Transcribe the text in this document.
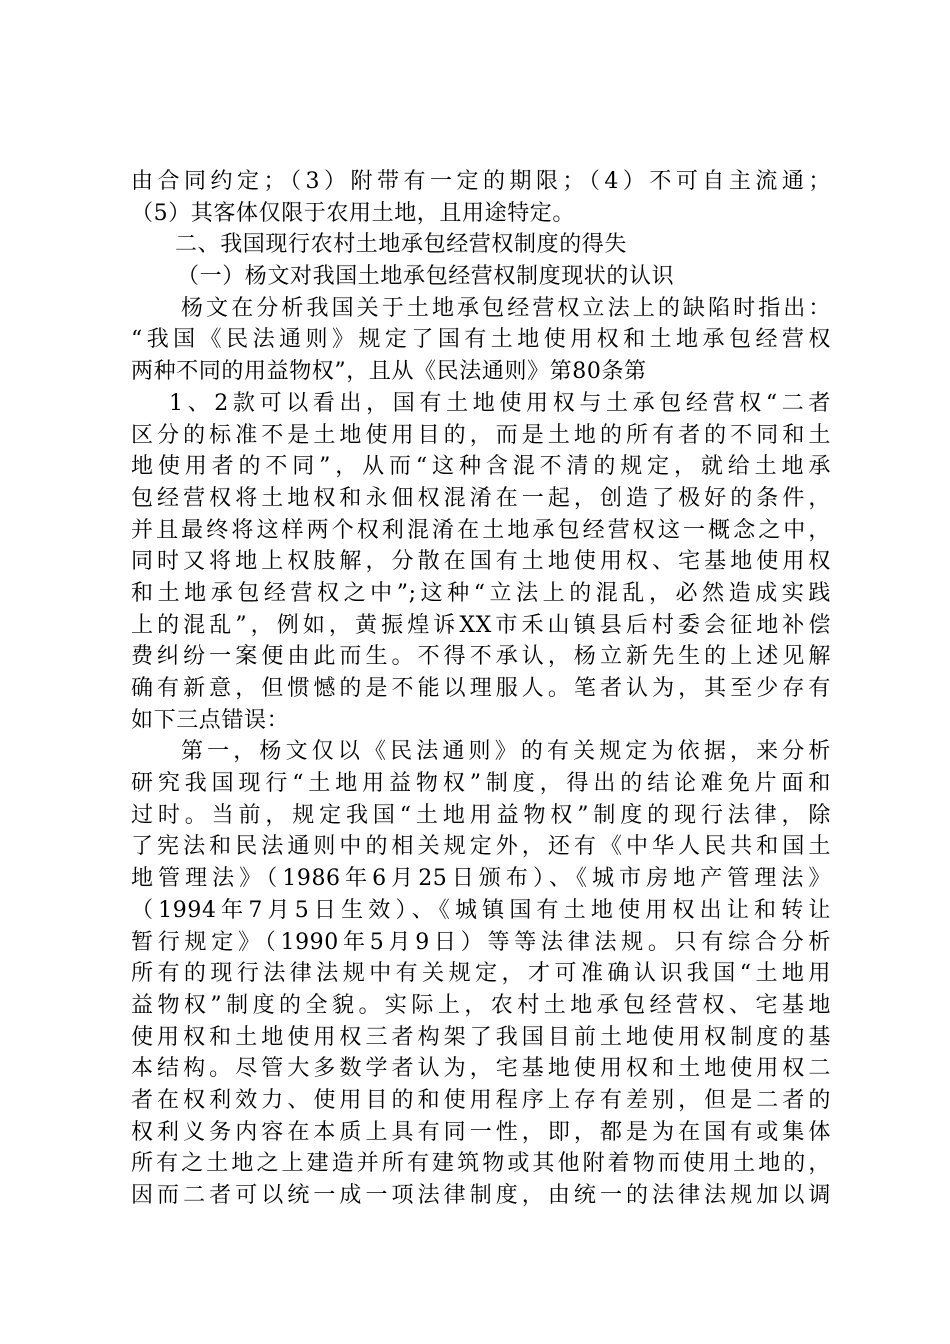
由合同约定；（3）附带有一定的期限；（4）不可自主流通；
（5）其客体仅限于农用土地，且用途特定。
二、我国现行农村土地承包经营权制度的得失
（一）杨文对我国土地承包经营权制度现状的认识
杨文在分析我国关于土地承包经营权立法上的缺陷时指出：
“我国《民法通则》规定了国有土地使用权和土地承包经营权
两种不同的用益物权”，且从《民法通则》第80条第
1、2款可以看出，国有土地使用权与土承包经营权“二者
区分的标准不是土地使用目的，而是土地的所有者的不同和土
地使用者的不同”，从而“这种含混不清的规定，就给土地承
包经营权将土地权和永佃权混淆在一起，创造了极好的条件，
并且最终将这样两个权利混淆在土地承包经营权这一概念之中，
同时又将地上权肢解，分散在国有土地使用权、宅基地使用权
和土地承包经营权之中”;这种“立法上的混乱，必然造成实践
上的混乱”，例如，黄振煌诉XX市禾山镇县后村委会征地补偿
费纠纷一案便由此而生。不得不承认，杨立新先生的上述见解
确有新意，但惯憾的是不能以理服人。笔者认为，其至少存有
如下三点错误：
第一，杨文仅以《民法通则》的有关规定为依据，来分析
研究我国现行“土地用益物权”制度，得出的结论难免片面和
过时。当前，规定我国“土地用益物权”制度的现行法律，除
了宪法和民法通则中的相关规定外，还有《中华人民共和国土
地管理法》（1986年6月25日颁布）、《城市房地产管理法》
（1994年7月5日生效）、《城镇国有土地使用权出让和转让
暂行规定》（1990年5月9日）等等法律法规。只有综合分析
所有的现行法律法规中有关规定，才可准确认识我国“土地用
益物权”制度的全貌。实际上，农村土地承包经营权、宅基地
使用权和土地使用权三者构架了我国目前土地使用权制度的基
本结构。尽管大多数学者认为，宅基地使用权和土地使用权二
者在权利效力、使用目的和使用程序上存有差别，但是二者的
权利义务内容在本质上具有同一性，即，都是为在国有或集体
所有之土地之上建造并所有建筑物或其他附着物而使用土地的，
因而二者可以统一成一项法律制度，由统一的法律法规加以调
